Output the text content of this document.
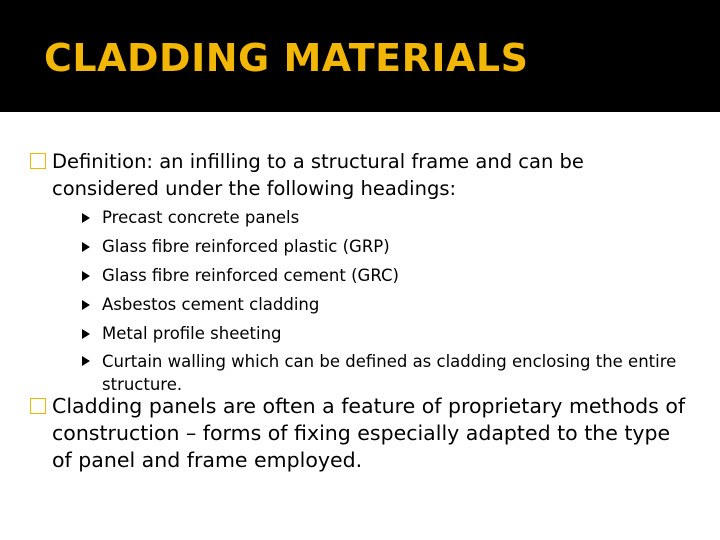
CLADDING MATERIALS
Definition: an infilling to a structural frame and can be considered under the following headings:
Precast concrete panels
Glass fibre reinforced plastic (GRP)
Glass fibre reinforced cement (GRC)
Asbestos cement cladding
Metal profile sheeting
Curtain walling which can be defined as cladding enclosing the entire structure.
Cladding panels are often a feature of proprietary methods of construction – forms of fixing especially adapted to the type of panel and frame employed.
